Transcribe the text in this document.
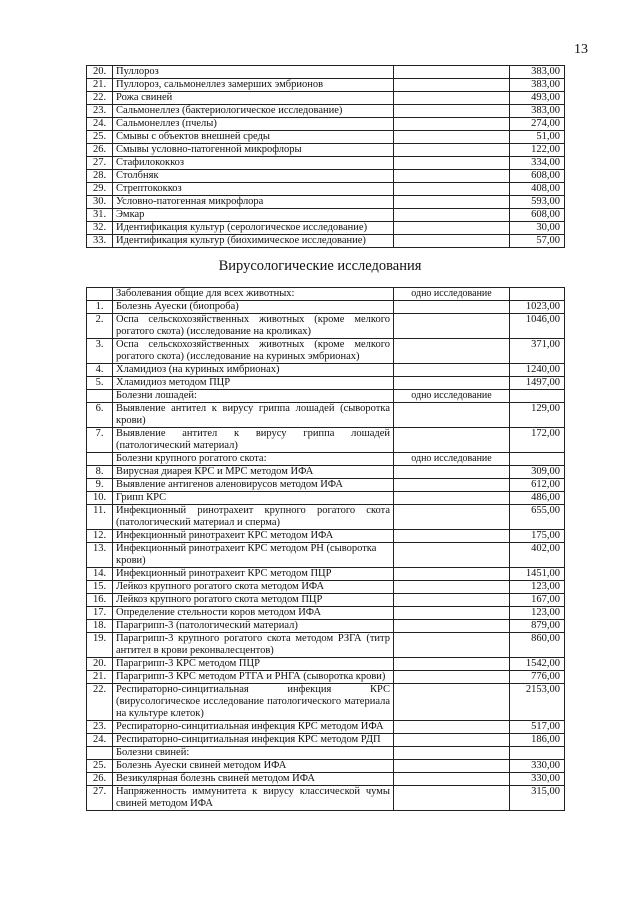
13
20.	Пуллороз		383,00
21.	Пуллороз, сальмонеллез замерших эмбрионов		383,00
22.	Рожа свиней		493,00
23.	Сальмонеллез (бактериологическое исследование)		383,00
24.	Сальмонеллез (пчелы)		274,00
25.	Смывы с объектов внешней среды		51,00
26.	Смывы условно-патогенной микрофлоры		122,00
27.	Стафилококкоз		334,00
28.	Столбняк		608,00
29.	Стрептококкоз		408,00
30.	Условно-патогенная микрофлора		593,00
31.	Эмкар		608,00
32.	Идентификация культур (серологическое исследование)		30,00
33.	Идентификация культур (биохимическое исследование)		57,00
Вирусологические исследования
	Заболевания общие для всех животных:	одно исследование	
1.	Болезнь Ауески (биопроба)		1023,00
2.	Оспа сельскохозяйственных животных (кроме мелкого рогатого скота) (исследование на кроликах)		1046,00
3.	Оспа сельскохозяйственных животных (кроме мелкого рогатого скота) (исследование на куриных эмбрионах)		371,00
4.	Хламидиоз (на куриных имбрионах)		1240,00
5.	Хламидиоз методом ПЦР		1497,00
	Болезни лошадей:	одно исследование	
6.	Выявление антител к вирусу гриппа лошадей (сыворотка крови)		129,00
7.	Выявление антител к вирусу гриппа лошадей (патологический материал)		172,00
	Болезни крупного рогатого скота:	одно исследование	
8.	Вирусная диарея КРС и МРС методом ИФА		309,00
9.	Выявление антигенов аленовирусов методом ИФА		612,00
10.	Грипп КРС		486,00
11.	Инфекционный ринотрахеит крупного рогатого скота (патологический материал и сперма)		655,00
12.	Инфекционный ринотрахеит КРС методом ИФА		175,00
13.	Инфекционный ринотрахеит КРС методом РН (сыворотка крови)		402,00
14.	Инфекционный ринотрахеит КРС методом ПЦР		1451,00
15.	Лейкоз крупного рогатого скота методом ИФА		123,00
16.	Лейкоз крупного рогатого скота методом ПЦР		167,00
17.	Определение стельности коров методом ИФА		123,00
18.	Парагрипп-3 (патологический материал)		879,00
19.	Парагрипп-3 крупного рогатого скота методом РЗГА (титр антител в крови реконвалесцентов)		860,00
20.	Парагрипп-3 КРС методом ПЦР		1542,00
21.	Парагрипп-3 КРС методом РТГА и РНГА (сыворотка крови)		776,00
22.	Респираторно-синцитиальная инфекция КРС (вирусологическое исследование патологического материала на культуре клеток)		2153,00
23.	Респираторно-синцитиальная инфекция КРС методом ИФА		517,00
24.	Респираторно-синцитиальная инфекция КРС методом РДП		186,00
	Болезни свиней:		
25.	Болезнь Ауески свиней методом ИФА		330,00
26.	Везикулярная болезнь свиней методом ИФА		330,00
27.	Напряженность иммунитета к вирусу классической чумы свиней методом ИФА		315,00
